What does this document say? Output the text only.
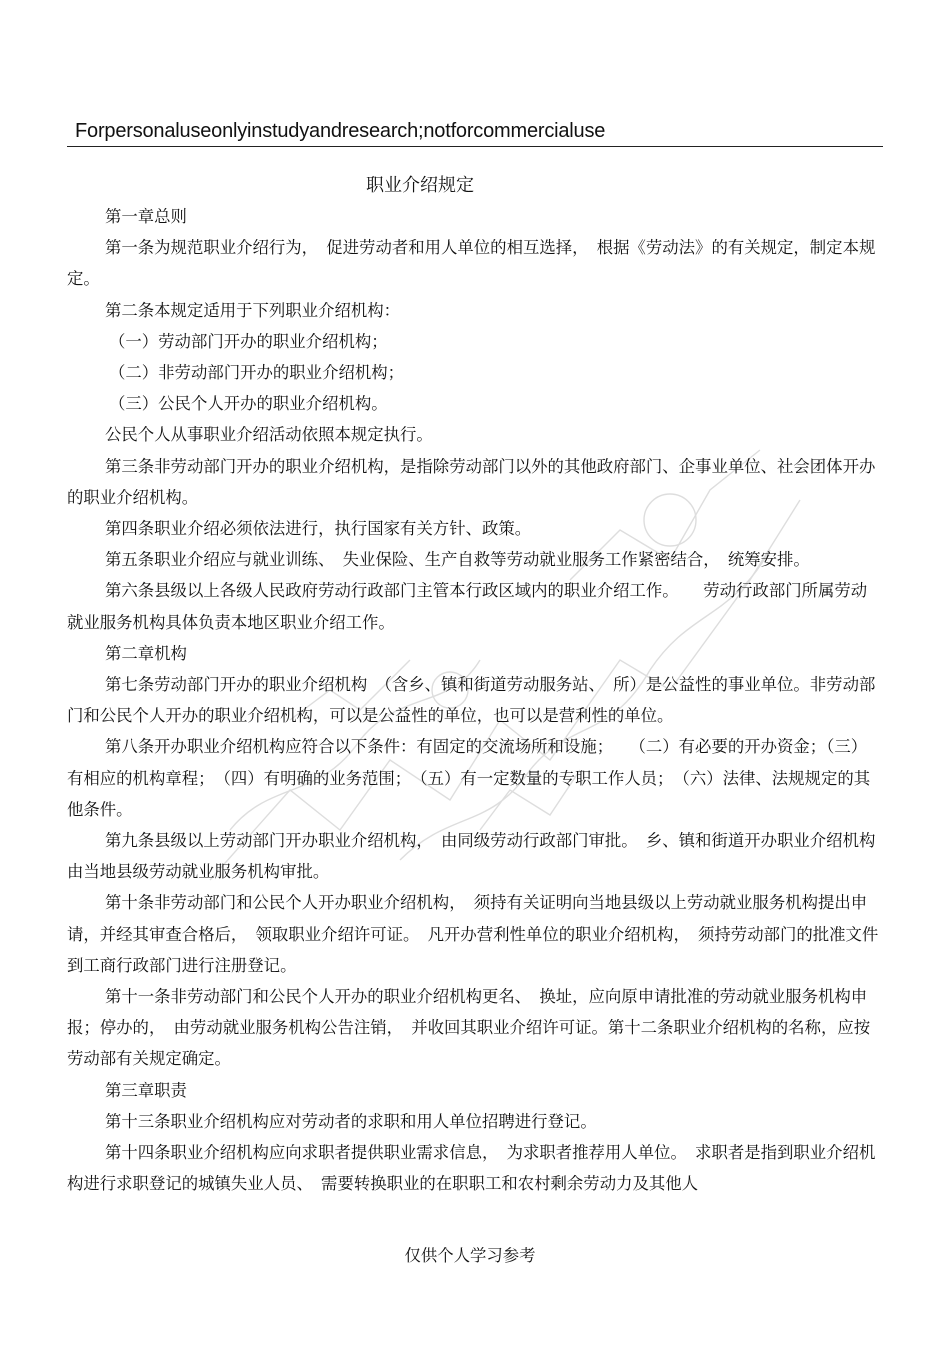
Forpersonaluseonlyinstudyandresearch;notforcommercialuse
职业介绍规定

第一章总则

第一条为规范职业介绍行为，　促进劳动者和用人单位的相互选择，　根据《劳动法》的有关规定，制定本规定。

第二条本规定适用于下列职业介绍机构：

（一）劳动部门开办的职业介绍机构；

（二）非劳动部门开办的职业介绍机构；

（三）公民个人开办的职业介绍机构。

公民个人从事职业介绍活动依照本规定执行。

第三条非劳动部门开办的职业介绍机构，是指除劳动部门以外的其他政府部门、企事业单位、社会团体开办的职业介绍机构。

第四条职业介绍必须依法进行，执行国家有关方针、政策。

第五条职业介绍应与就业训练、　失业保险、生产自救等劳动就业服务工作紧密结合，　统筹安排。

第六条县级以上各级人民政府劳动行政部门主管本行政区域内的职业介绍工作。　　劳动行政部门所属劳动就业服务机构具体负责本地区职业介绍工作。

第二章机构

第七条劳动部门开办的职业介绍机构　（含乡、镇和街道劳动服务站、　所）是公益性的事业单位。非劳动部门和公民个人开办的职业介绍机构，可以是公益性的单位，也可以是营利性的单位。

第八条开办职业介绍机构应符合以下条件：有固定的交流场所和设施；　　（二）有必要的开办资金；（三）有相应的机构章程；　（四）有明确的业务范围；　（五）有一定数量的专职工作人员；　（六）法律、法规规定的其他条件。

第九条县级以上劳动部门开办职业介绍机构，　由同级劳动行政部门审批。　乡、镇和街道开办职业介绍机构由当地县级劳动就业服务机构审批。

第十条非劳动部门和公民个人开办职业介绍机构，　须持有关证明向当地县级以上劳动就业服务机构提出申请，并经其审查合格后，　领取职业介绍许可证。　凡开办营利性单位的职业介绍机构，　须持劳动部门的批准文件到工商行政部门进行注册登记。

第十一条非劳动部门和公民个人开办的职业介绍机构更名、　换址，应向原申请批准的劳动就业服务机构申报；停办的，　由劳动就业服务机构公告注销，　并收回其职业介绍许可证。第十二条职业介绍机构的名称，应按劳动部有关规定确定。

第三章职责

第十三条职业介绍机构应对劳动者的求职和用人单位招聘进行登记。

第十四条职业介绍机构应向求职者提供职业需求信息，　为求职者推荐用人单位。　求职者是指到职业介绍机构进行求职登记的城镇失业人员、　需要转换职业的在职职工和农村剩余劳动力及其他人

仅供个人学习参考
